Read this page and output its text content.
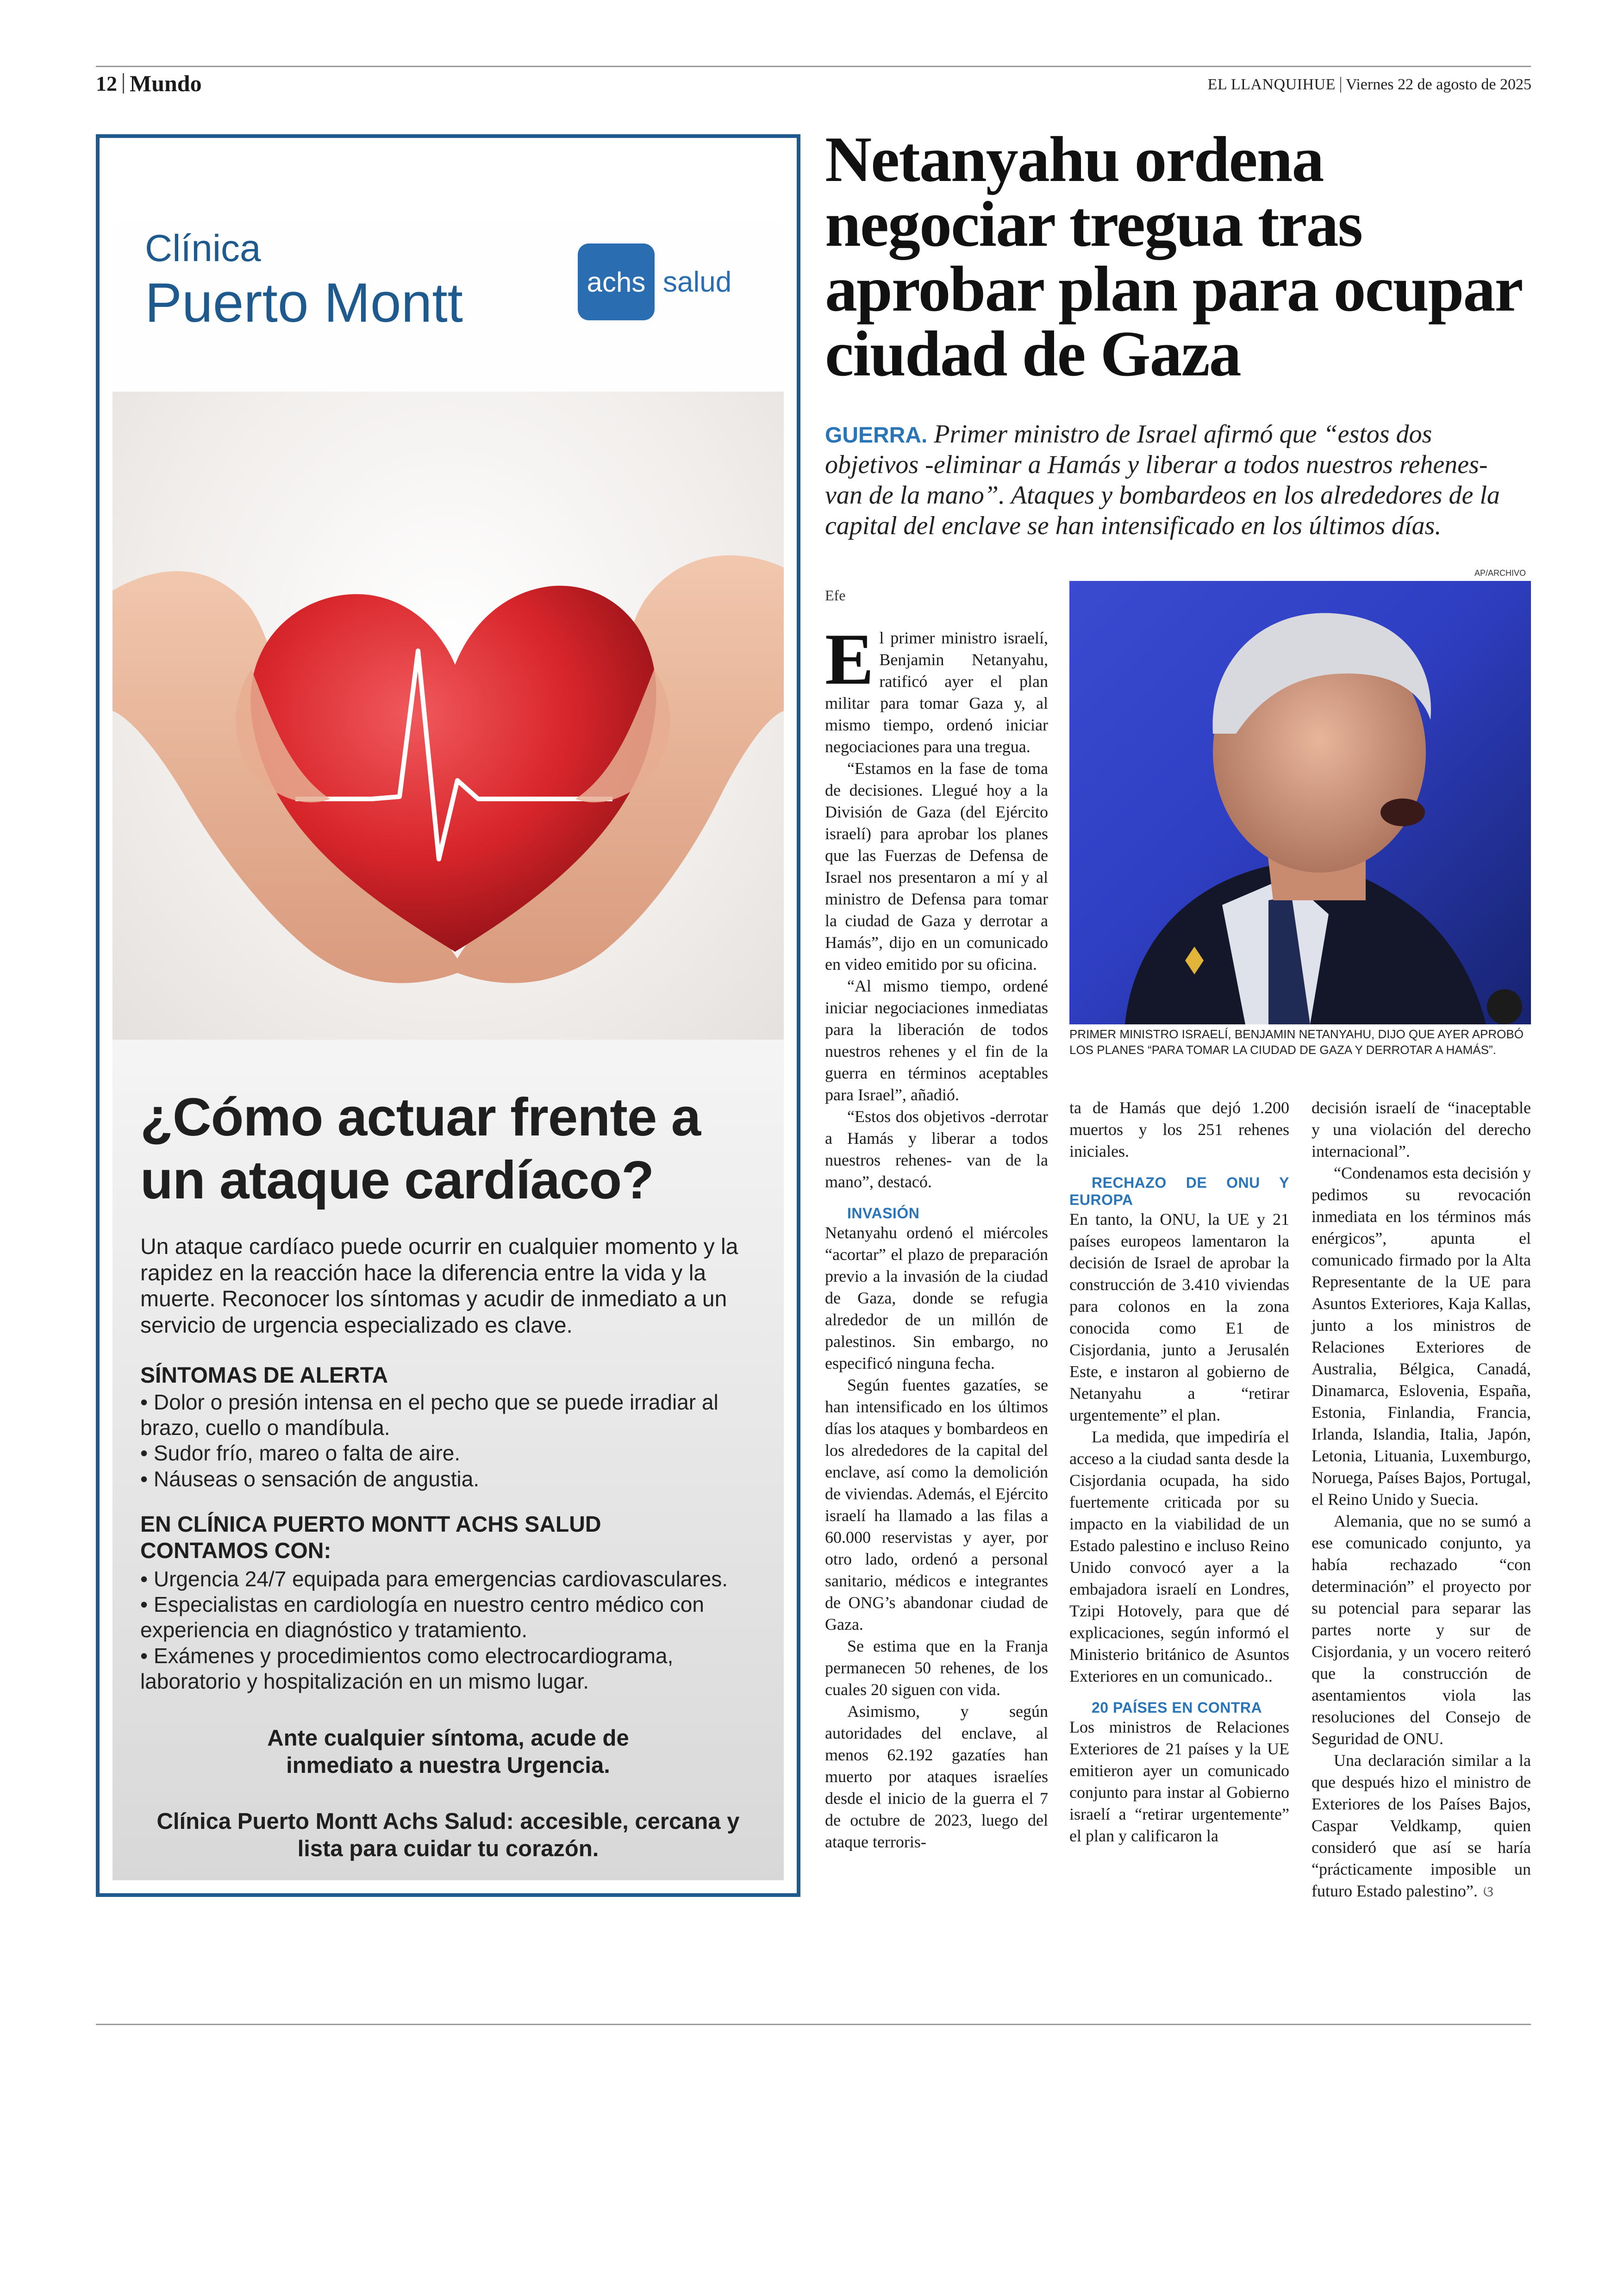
12 Mundo	EL LLANQUIHUE Viernes 22 de agosto de 2025
Clínica
Puerto Montt	achs salud
¿Cómo actuar frente a un ataque cardíaco?
Un ataque cardíaco puede ocurrir en cualquier momento y la rapidez en la reacción hace la diferencia entre la vida y la muerte. Reconocer los síntomas y acudir de inmediato a un servicio de urgencia especializado es clave.
SÍNTOMAS DE ALERTA
• Dolor o presión intensa en el pecho que se puede irradiar al brazo, cuello o mandíbula.
• Sudor frío, mareo o falta de aire.
• Náuseas o sensación de angustia.
EN CLÍNICA PUERTO MONTT ACHS SALUD CONTAMOS CON:
• Urgencia 24/7 equipada para emergencias cardiovasculares.
• Especialistas en cardiología en nuestro centro médico con experiencia en diagnóstico y tratamiento.
• Exámenes y procedimientos como electrocardiograma, laboratorio y hospitalización en un mismo lugar.
Ante cualquier síntoma, acude de inmediato a nuestra Urgencia.
Clínica Puerto Montt Achs Salud: accesible, cercana y lista para cuidar tu corazón.
Netanyahu ordena negociar tregua tras aprobar plan para ocupar ciudad de Gaza
GUERRA. Primer ministro de Israel afirmó que “estos dos objetivos -eliminar a Hamás y liberar a todos nuestros rehenes- van de la mano”. Ataques y bombardeos en los alrededores de la capital del enclave se han intensificado en los últimos días.
AP/ARCHIVO
Efe
PRIMER MINISTRO ISRAELÍ, BENJAMIN NETANYAHU, DIJO QUE AYER APROBÓ LOS PLANES “PARA TOMAR LA CIUDAD DE GAZA Y DERROTAR A HAMÁS”.

El primer ministro israelí, Benjamin Netanyahu, ratificó ayer el plan militar para tomar Gaza y, al mismo tiempo, ordenó iniciar negociaciones para una tregua.

“Estamos en la fase de toma de decisiones. Llegué hoy a la División de Gaza (del Ejército israelí) para aprobar los planes que las Fuerzas de Defensa de Israel nos presentaron a mí y al ministro de Defensa para tomar la ciudad de Gaza y derrotar a Hamás”, dijo en un comunicado en video emitido por su oficina.

“Al mismo tiempo, ordené iniciar negociaciones inmediatas para la liberación de todos nuestros rehenes y el fin de la guerra en términos aceptables para Israel”, añadió.

“Estos dos objetivos -derrotar a Hamás y liberar a todos nuestros rehenes- van de la mano”, destacó.

INVASIÓN

Netanyahu ordenó el miércoles “acortar” el plazo de preparación previo a la invasión de la ciudad de Gaza, donde se refugia alrededor de un millón de palestinos. Sin embargo, no especificó ninguna fecha.

Según fuentes gazatíes, se han intensificado en los últimos días los ataques y bombardeos en los alrededores de la capital del enclave, así como la demolición de viviendas. Además, el Ejército israelí ha llamado a las filas a 60.000 reservistas y ayer, por otro lado, ordenó a personal sanitario, médicos e integrantes de ONG’s abandonar ciudad de Gaza.

Se estima que en la Franja permanecen 50 rehenes, de los cuales 20 siguen con vida.

Asimismo, y según autoridades del enclave, al menos 62.192 gazatíes han muerto por ataques israelíes desde el inicio de la guerra el 7 de octubre de 2023, luego del ataque terroris-

ta de Hamás que dejó 1.200 muertos y los 251 rehenes iniciales.

RECHAZO DE ONU Y EUROPA

En tanto, la ONU, la UE y 21 países europeos lamentaron la decisión de Israel de aprobar la construcción de 3.410 viviendas para colonos en la zona conocida como E1 de Cisjordania, junto a Jerusalén Este, e instaron al gobierno de Netanyahu a “retirar urgentemente” el plan.

La medida, que impediría el acceso a la ciudad santa desde la Cisjordania ocupada, ha sido fuertemente criticada por su impacto en la viabilidad de un Estado palestino e incluso Reino Unido convocó ayer a la embajadora israelí en Londres, Tzipi Hotovely, para que dé explicaciones, según informó el Ministerio británico de Asuntos Exteriores en un comunicado..

20 PAÍSES EN CONTRA

Los ministros de Relaciones Exteriores de 21 países y la UE emitieron ayer un comunicado conjunto para instar al Gobierno israelí a “retirar urgentemente” el plan y calificaron la

decisión israelí de “inaceptable y una violación del derecho internacional”.

“Condenamos esta decisión y pedimos su revocación inmediata en los términos más enérgicos”, apunta el comunicado firmado por la Alta Representante de la UE para Asuntos Exteriores, Kaja Kallas, junto a los ministros de Relaciones Exteriores de Australia, Bélgica, Canadá, Dinamarca, Eslovenia, España, Estonia, Finlandia, Francia, Irlanda, Islandia, Italia, Japón, Letonia, Lituania, Luxemburgo, Noruega, Países Bajos, Portugal, el Reino Unido y Suecia.

Alemania, que no se sumó a ese comunicado conjunto, ya había rechazado “con determinación” el proyecto por su potencial para separar las partes norte y sur de Cisjordania, y un vocero reiteró que la construcción de asentamientos viola las resoluciones del Consejo de Seguridad de ONU.

Una declaración similar a la que después hizo el ministro de Exteriores de los Países Bajos, Caspar Veldkamp, quien consideró que así se haría “prácticamente imposible un futuro Estado palestino”. ଓ
